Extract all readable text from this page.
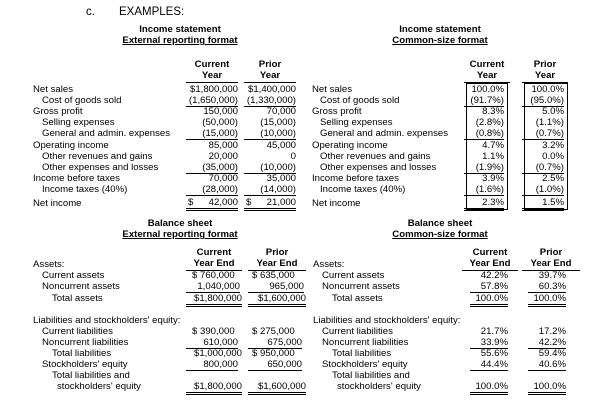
c. EXAMPLES:
Income statement
External reporting format
Current
Year
Prior
Year
Net sales
Cost of goods sold
Gross profit
Selling expenses
General and admin. expenses
Operating income
Other revenues and gains
Other expenses and losses
Income before taxes
Income taxes (40%)
Net income
$1,800,000
(1,650,000)
150,000
(50,000)
(15,000)
85,000
20,000
(35,000)
70,000
(28,000)
$ 42,000
$1,400,000
(1,330,000)
70,000
(15,000)
(10,000)
45,000
0
(10,000)
35,000
(14,000)
$ 21,000
Income statement
Common-size format
Current
Year
Prior
Year
Net sales
Cost of goods sold
Gross profit
Selling expenses
General and admin. expenses
Operating income
Other revenues and gains
Other expenses and losses
Income before taxes
Income taxes (40%)
Net income
100.0%
(91.7%)
8.3%
(2.8%)
(0.8%)
4.7%
1.1%
(1.9%)
3.9%
(1.6%)
2.3%
100.0%
(95.0%)
5.0%
(1.1%)
(0.7%)
3.2%
0.0%
(0.7%)
2.5%
(1.0%)
1.5%
Balance sheet
External reporting format
Current
Year End
Prior
Year End
Assets:
Current assets
Noncurrent assets
Total assets
$ 760,000
1,040,000
$1,800,000
$ 635,000
965,000
$1,600,000
Liabilities and stockholders' equity:
Current liabilities
Noncurrent liabilities
Total liabilities
Stockholders' equity
Total liabilities and
stockholders' equity
$ 390,000
610,000
$1,000,000
800,000
$1,800,000
$ 275,000
675,000
$ 950,000
650,000
$1,600,000
Balance sheet
Common-size format
Current
Year End
Prior
Year End
Assets:
Current assets
Noncurrent assets
Total assets
42.2%
57.8%
100.0%
39.7%
60.3%
100.0%
Liabilities and stockholders' equity:
Current liabilities
Noncurrent liabilities
Total liabilities
Stockholders' equity
Total liabilities and
stockholders' equity
21.7%
33.9%
55.6%
44.4%
100.0%
17.2%
42.2%
59.4%
40.6%
100.0%
